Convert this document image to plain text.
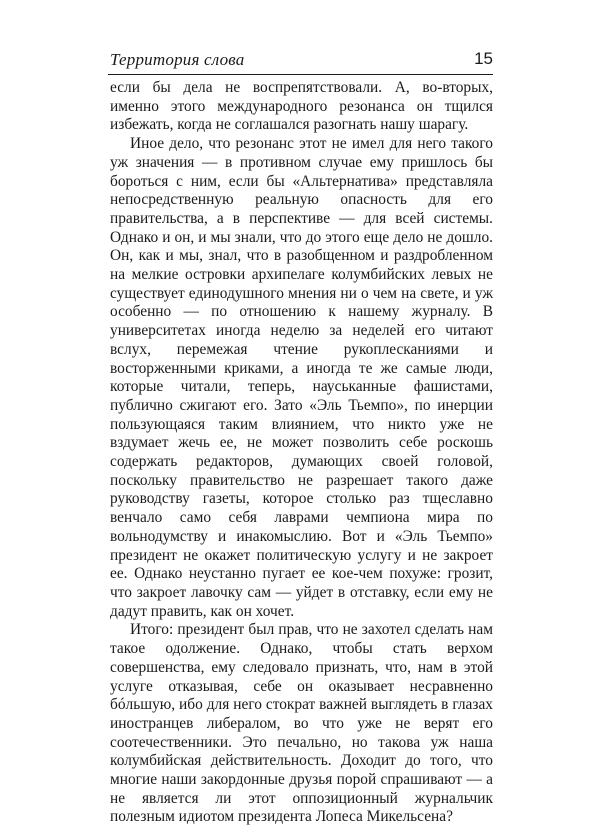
Территория слова	15

если бы дела не воспрепятствовали. А, во-вторых, именно этого международного резонанса он тщился избежать, когда не соглашался разогнать нашу шарагу.

Иное дело, что резонанс этот не имел для него такого уж значения — в противном случае ему пришлось бы бороться с ним, если бы «Альтернатива» представляла непосредственную реальную опасность для его правительства, а в перспективе — для всей системы. Однако и он, и мы знали, что до этого еще дело не дошло. Он, как и мы, знал, что в разобщенном и раздробленном на мелкие островки архипелаге колумбийских левых не существует единодушного мнения ни о чем на свете, и уж особенно — по отношению к нашему журналу. В университетах иногда неделю за неделей его читают вслух, перемежая чтение рукоплесканиями и восторженными криками, а иногда те же самые люди, которые читали, теперь, науськанные фашистами, публично сжигают его. Зато «Эль Тьемпо», по инерции пользующаяся таким влиянием, что никто уже не вздумает жечь ее, не может позволить себе роскошь содержать редакторов, думающих своей головой, поскольку правительство не разрешает такого даже руководству газеты, которое столько раз тщеславно венчало само себя лаврами чемпиона мира по вольнодумству и инакомыслию. Вот и «Эль Тьемпо» президент не окажет политическую услугу и не закроет ее. Однако неустанно пугает ее кое-чем похуже: грозит, что закроет лавочку сам — уйдет в отставку, если ему не дадут править, как он хочет.

Итого: президент был прав, что не захотел сделать нам такое одолжение. Однако, чтобы стать верхом совершенства, ему следовало признать, что, нам в этой услуге отказывая, себе он оказывает несравненно бóльшую, ибо для него стократ важней выглядеть в глазах иностранцев либералом, во что уже не верят его соотечественники. Это печально, но такова уж наша колумбийская действительность. Доходит до того, что многие наши закордонные друзья порой спрашивают — а не является ли этот оппозиционный журнальчик полезным идиотом президента Лопеса Микельсена?
